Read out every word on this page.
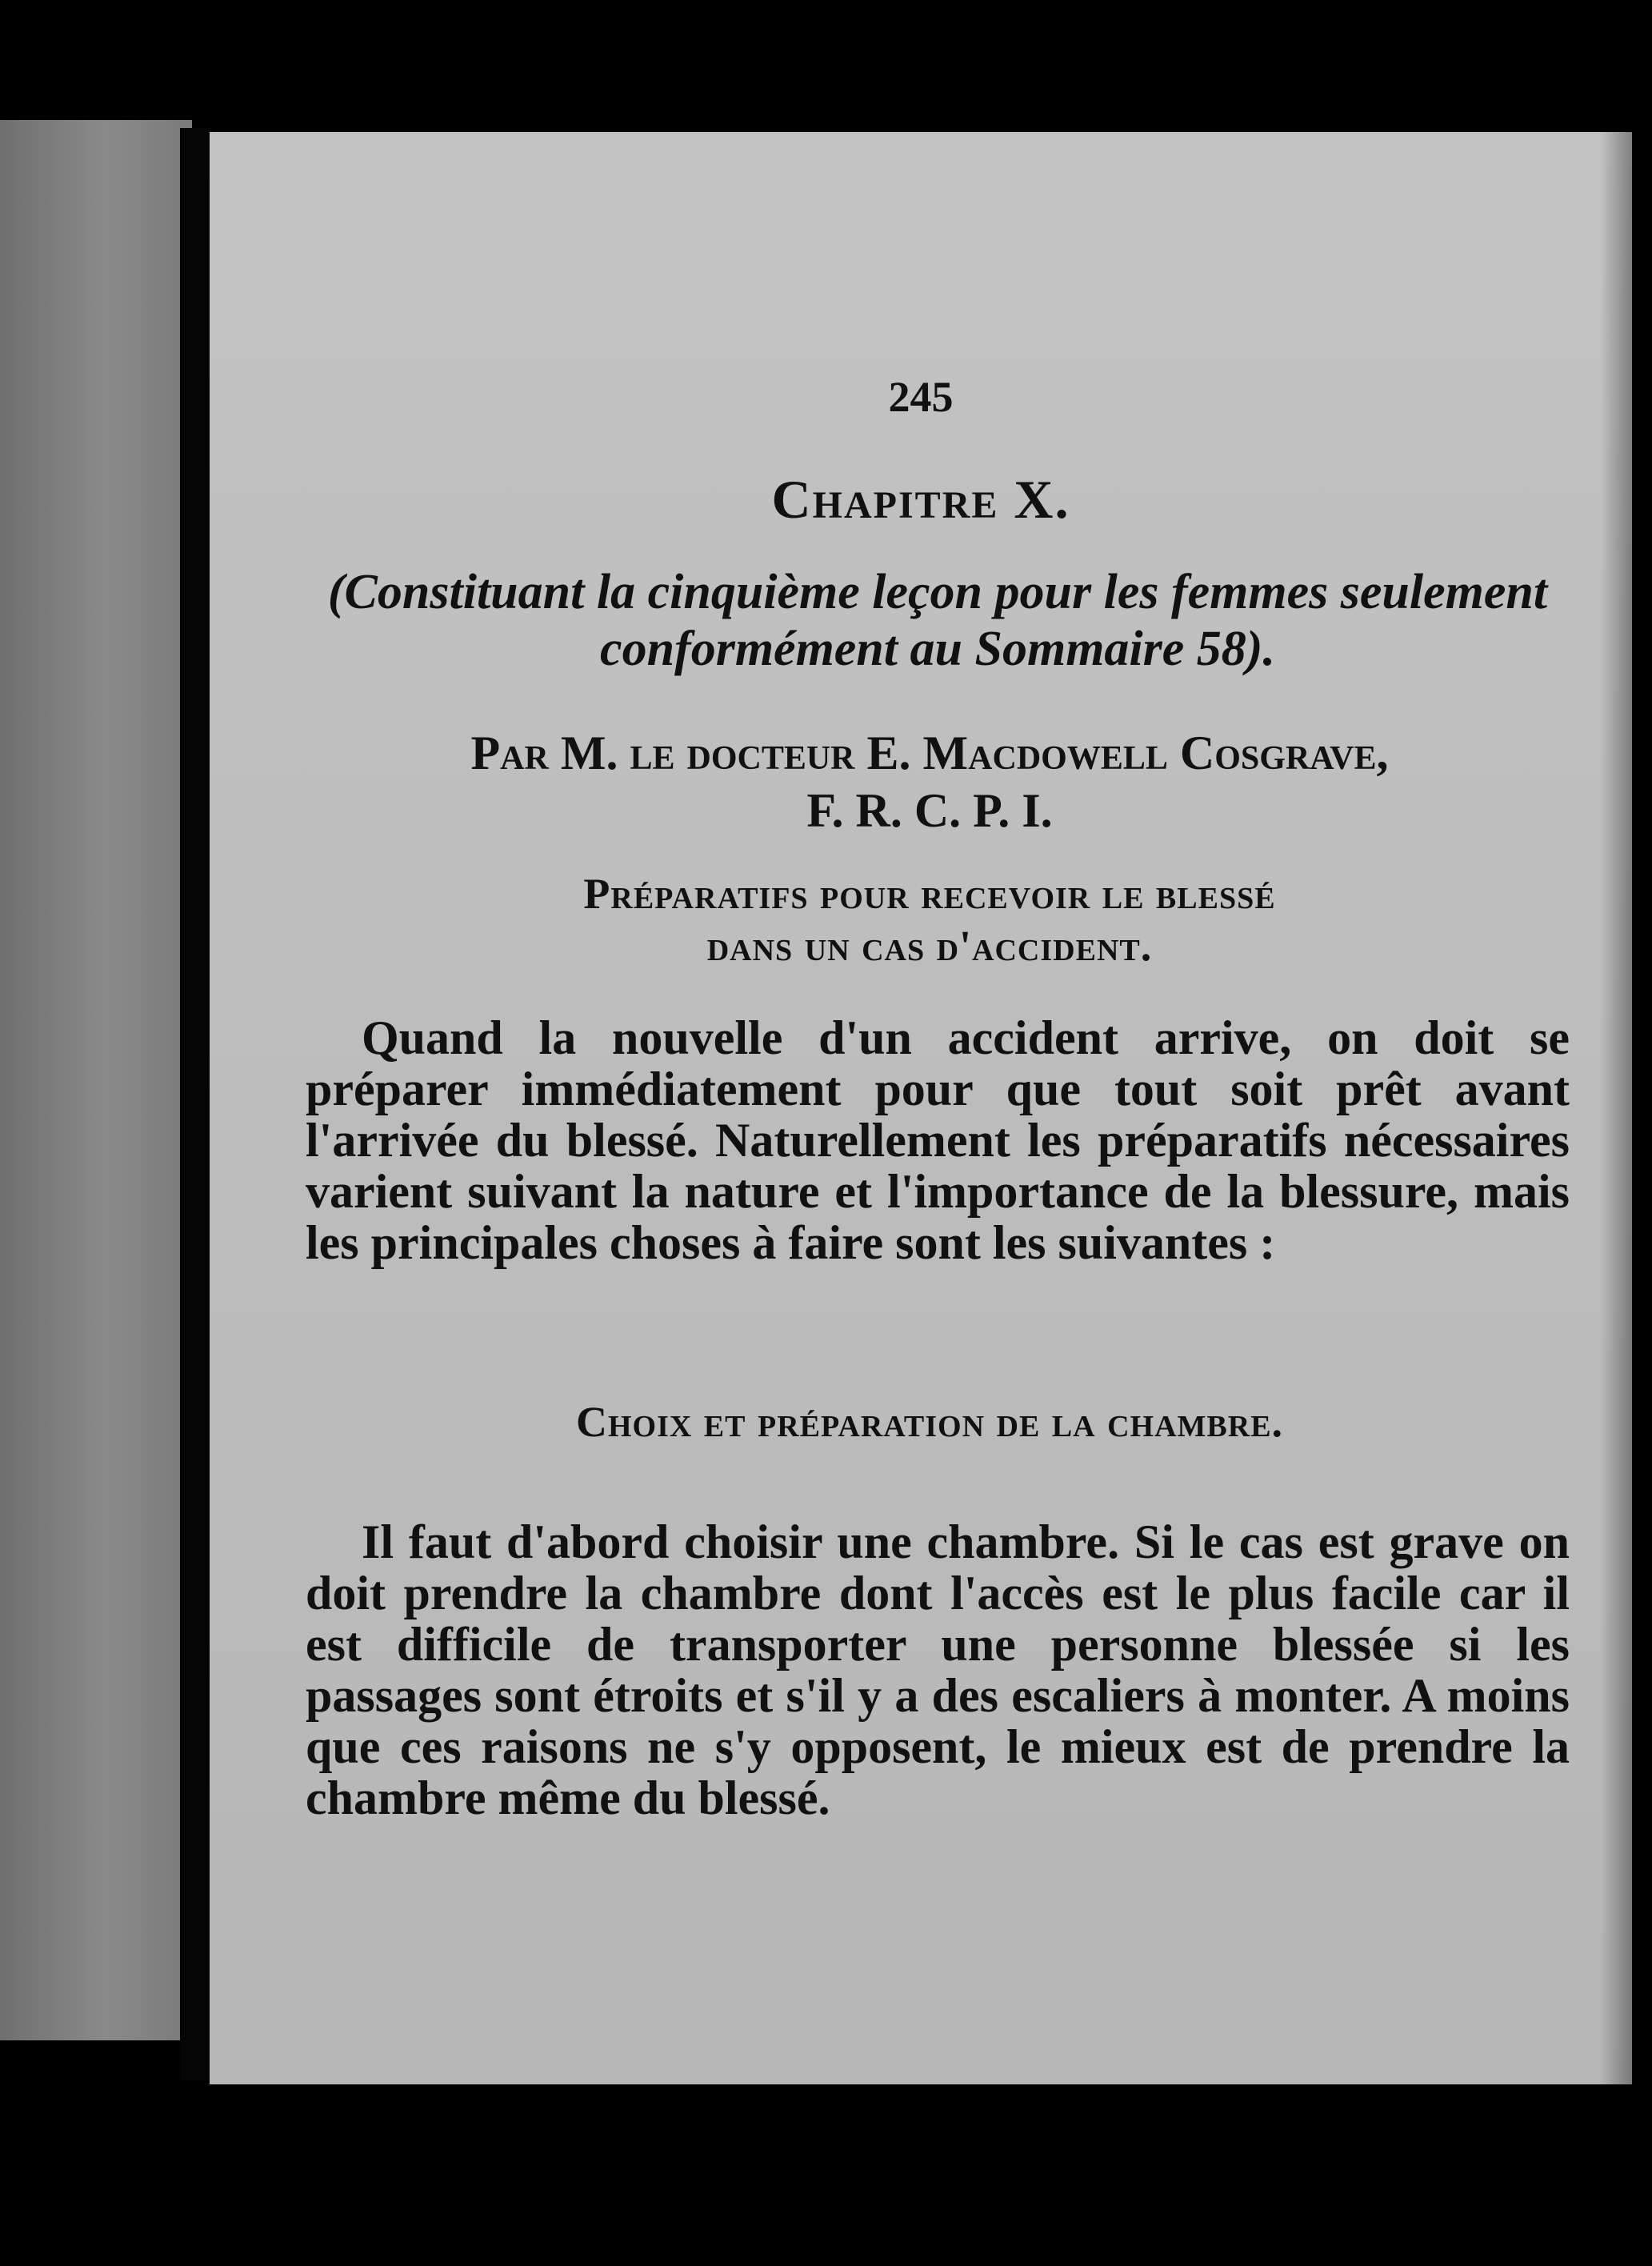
245
Chapitre X.
(Constituant la cinquième leçon pour les femmes seulement conformément au Sommaire 58).
Par M. le docteur E. Macdowell Cosgrave,
F. R. C. P. I.
Préparatifs pour recevoir le blessé
dans un cas d'accident.
Quand la nouvelle d'un accident arrive, on doit se préparer immédiatement pour que tout soit prêt avant l'arrivée du blessé. Naturellement les préparatifs nécessaires varient suivant la nature et l'importance de la blessure, mais les principales choses à faire sont les suivantes :
Choix et préparation de la chambre.
Il faut d'abord choisir une chambre. Si le cas est grave on doit prendre la chambre dont l'accès est le plus facile car il est difficile de transporter une personne blessée si les passages sont étroits et s'il y a des escaliers à monter. A moins que ces raisons ne s'y opposent, le mieux est de prendre la chambre même du blessé.
